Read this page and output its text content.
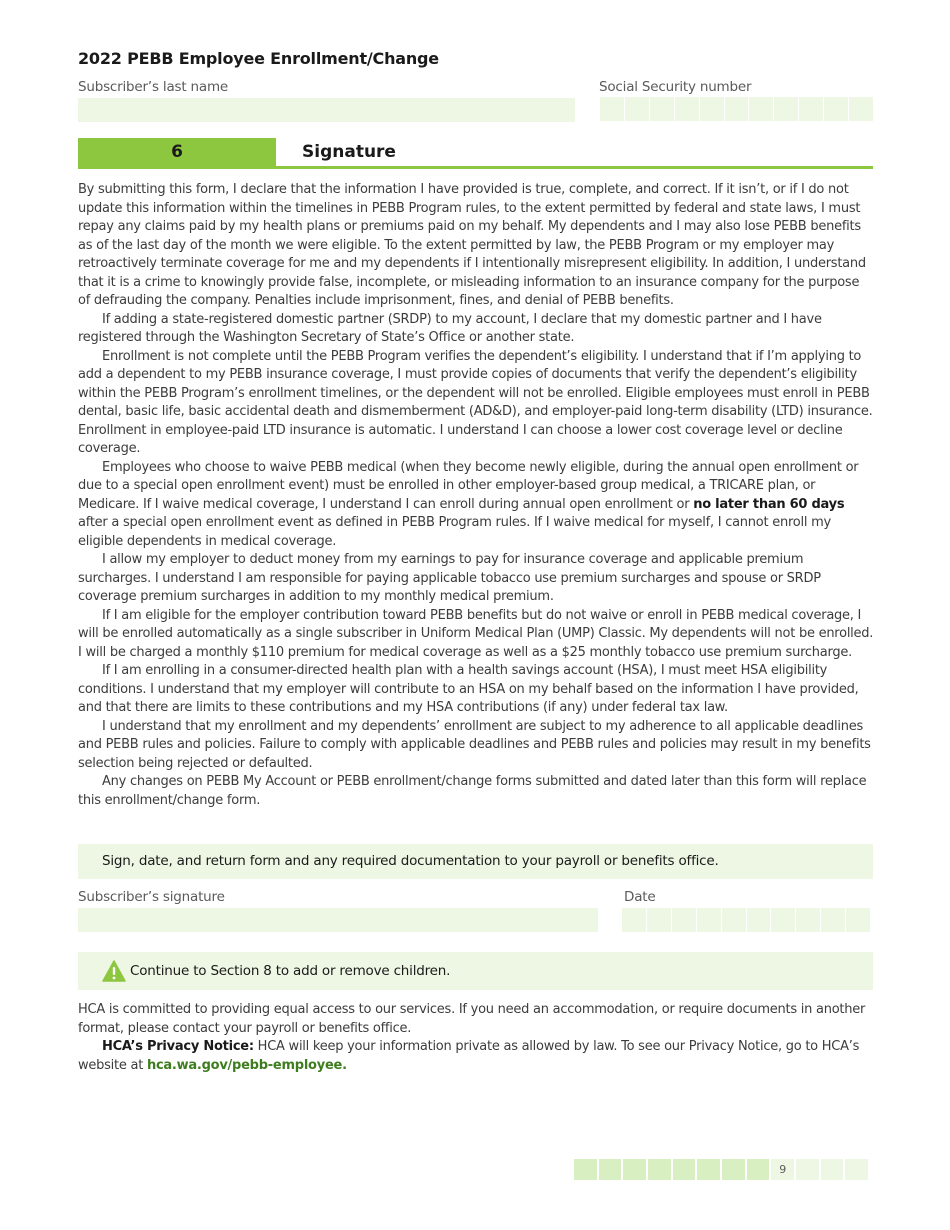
2022 PEBB Employee Enrollment/Change
Subscriber’s last name	Social Security number
6	Signature

By submitting this form, I declare that the information I have provided is true, complete, and correct. If it isn’t, or if I do not update this information within the timelines in PEBB Program rules, to the extent permitted by federal and state laws, I must repay any claims paid by my health plans or premiums paid on my behalf. My dependents and I may also lose PEBB benefits as of the last day of the month we were eligible. To the extent permitted by law, the PEBB Program or my employer may retroactively terminate coverage for me and my dependents if I intentionally misrepresent eligibility. In addition, I understand that it is a crime to knowingly provide false, incomplete, or misleading information to an insurance company for the purpose of defrauding the company. Penalties include imprisonment, fines, and denial of PEBB benefits.

If adding a state-registered domestic partner (SRDP) to my account, I declare that my domestic partner and I have registered through the Washington Secretary of State’s Office or another state.

Enrollment is not complete until the PEBB Program verifies the dependent’s eligibility. I understand that if I’m applying to add a dependent to my PEBB insurance coverage, I must provide copies of documents that verify the dependent’s eligibility within the PEBB Program’s enrollment timelines, or the dependent will not be enrolled. Eligible employees must enroll in PEBB dental, basic life, basic accidental death and dismemberment (AD&D), and employer-paid long-term disability (LTD) insurance. Enrollment in employee-paid LTD insurance is automatic. I understand I can choose a lower cost coverage level or decline coverage.

Employees who choose to waive PEBB medical (when they become newly eligible, during the annual open enrollment or due to a special open enrollment event) must be enrolled in other employer-based group medical, a TRICARE plan, or Medicare. If I waive medical coverage, I understand I can enroll during annual open enrollment or no later than 60 days after a special open enrollment event as defined in PEBB Program rules. If I waive medical for myself, I cannot enroll my eligible dependents in medical coverage.

I allow my employer to deduct money from my earnings to pay for insurance coverage and applicable premium surcharges. I understand I am responsible for paying applicable tobacco use premium surcharges and spouse or SRDP coverage premium surcharges in addition to my monthly medical premium.

If I am eligible for the employer contribution toward PEBB benefits but do not waive or enroll in PEBB medical coverage, I will be enrolled automatically as a single subscriber in Uniform Medical Plan (UMP) Classic. My dependents will not be enrolled. I will be charged a monthly $110 premium for medical coverage as well as a $25 monthly tobacco use premium surcharge.

If I am enrolling in a consumer-directed health plan with a health savings account (HSA), I must meet HSA eligibility conditions. I understand that my employer will contribute to an HSA on my behalf based on the information I have provided, and that there are limits to these contributions and my HSA contributions (if any) under federal tax law.

I understand that my enrollment and my dependents’ enrollment are subject to my adherence to all applicable deadlines and PEBB rules and policies. Failure to comply with applicable deadlines and PEBB rules and policies may result in my benefits selection being rejected or defaulted.

Any changes on PEBB My Account or PEBB enrollment/change forms submitted and dated later than this form will replace this enrollment/change form.

Sign, date, and return form and any required documentation to your payroll or benefits office.
Subscriber’s signature	Date
Continue to Section 8 to add or remove children.

HCA is committed to providing equal access to our services. If you need an accommodation, or require documents in another format, please contact your payroll or benefits office.

HCA’s Privacy Notice: HCA will keep your information private as allowed by law. To see our Privacy Notice, go to HCA’s website at hca.wa.gov/pebb-employee.

9
